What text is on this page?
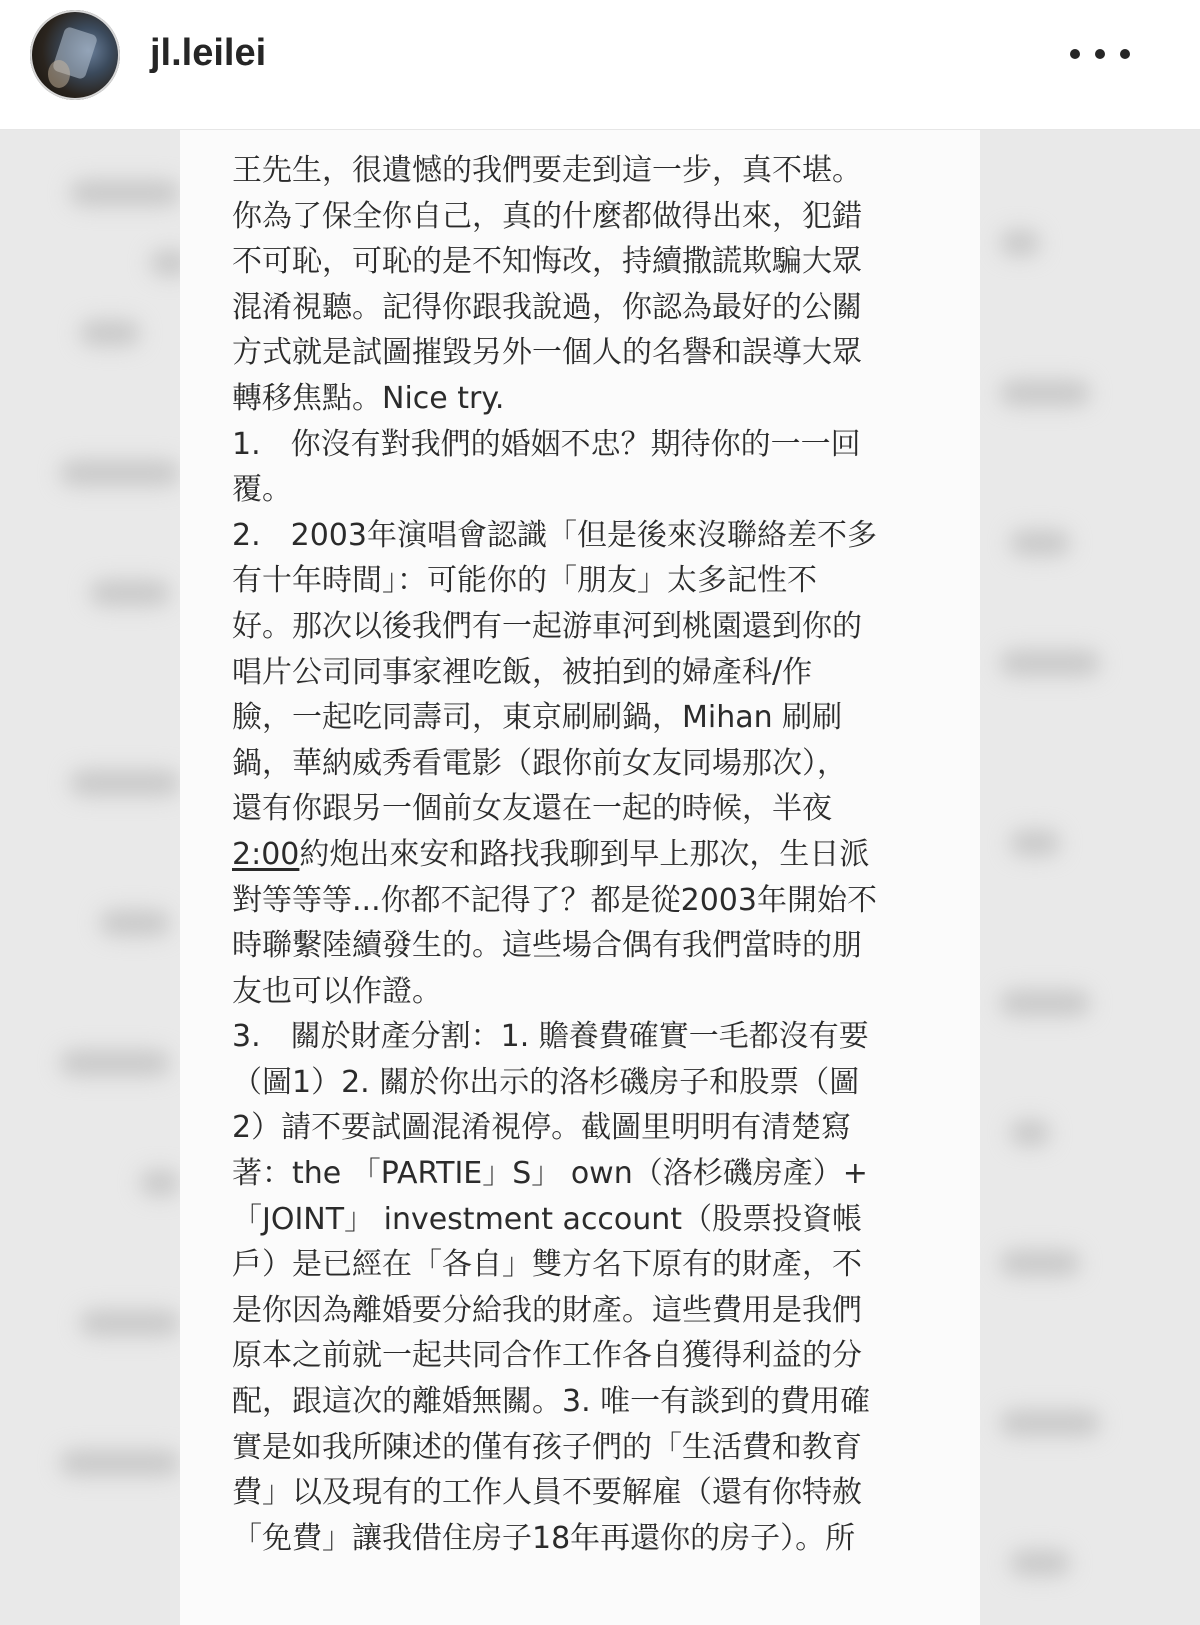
jl.leilei

王先生，很遺憾的我們要走到這一步，真不堪。
你為了保全你自己，真的什麼都做得出來，犯錯
不可恥，可恥的是不知悔改，持續撒謊欺騙大眾
混淆視聽。記得你跟我說過，你認為最好的公關
方式就是試圖摧毀另外一個人的名譽和誤導大眾
轉移焦點。Nice try.
1.　你沒有對我們的婚姻不忠？期待你的一一回
覆。
2.　2003年演唱會認識「但是後來沒聯絡差不多
有十年時間」：可能你的「朋友」太多記性不
好。那次以後我們有一起游車河到桃園還到你的
唱片公司同事家裡吃飯，被拍到的婦產科/作
臉，一起吃同壽司，東京刷刷鍋，Mihan 刷刷
鍋，華納威秀看電影（跟你前女友同場那次），
還有你跟另一個前女友還在一起的時候，半夜
2:00約炮出來安和路找我聊到早上那次，生日派
對等等等...你都不記得了？都是從2003年開始不
時聯繫陸續發生的。這些場合偶有我們當時的朋
友也可以作證。
3.　關於財產分割：1. 贍養費確實一毛都沒有要
（圖1）2. 關於你出示的洛杉磯房子和股票（圖
2）請不要試圖混淆視停。截圖里明明有清楚寫
著：the 「PARTIE」S」 own（洛杉磯房產）+
「JOINT」 investment account（股票投資帳
戶）是已經在「各自」雙方名下原有的財產，不
是你因為離婚要分給我的財產。這些費用是我們
原本之前就一起共同合作工作各自獲得利益的分
配，跟這次的離婚無關。3. 唯一有談到的費用確
實是如我所陳述的僅有孩子們的「生活費和教育
費」以及現有的工作人員不要解雇（還有你特赦
「免費」讓我借住房子18年再還你的房子）。所
